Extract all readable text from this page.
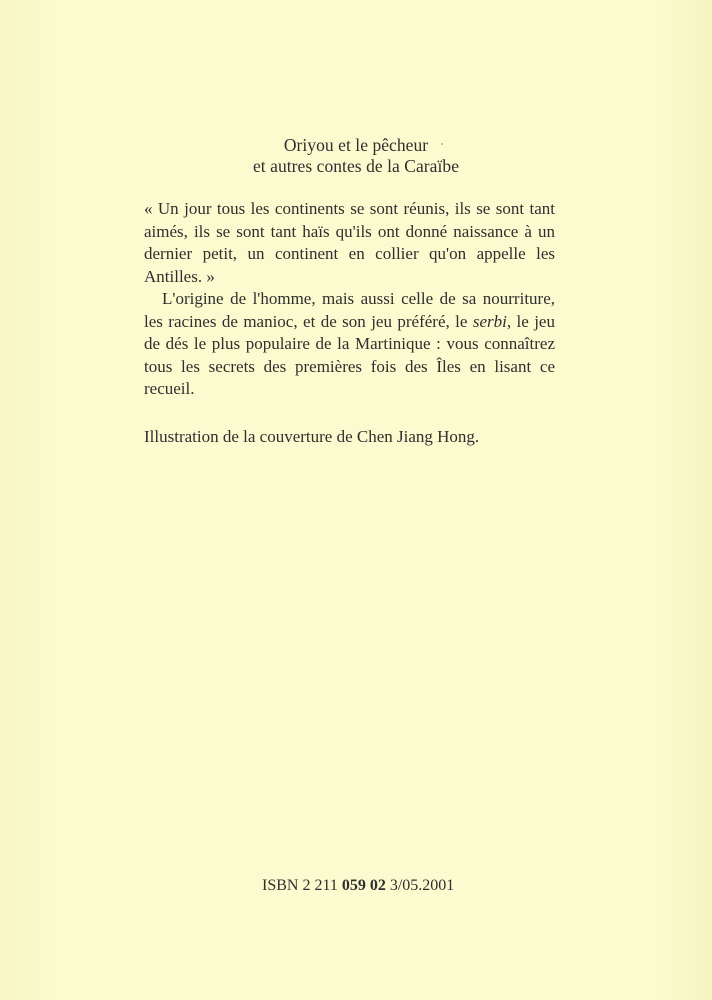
Oriyou et le pêcheur
et autres contes de la Caraïbe

« Un jour tous les continents se sont réunis, ils se sont tant aimés, ils se sont tant haïs qu'ils ont donné naissance à un dernier petit, un continent en collier qu'on appelle les Antilles. »

L'origine de l'homme, mais aussi celle de sa nourriture, les racines de manioc, et de son jeu préféré, le serbi, le jeu de dés le plus populaire de la Martinique : vous connaîtrez tous les secrets des premières fois des Îles en lisant ce recueil.

Illustration de la couverture de Chen Jiang Hong.

ISBN 2 211 059 02 3/05.2001
